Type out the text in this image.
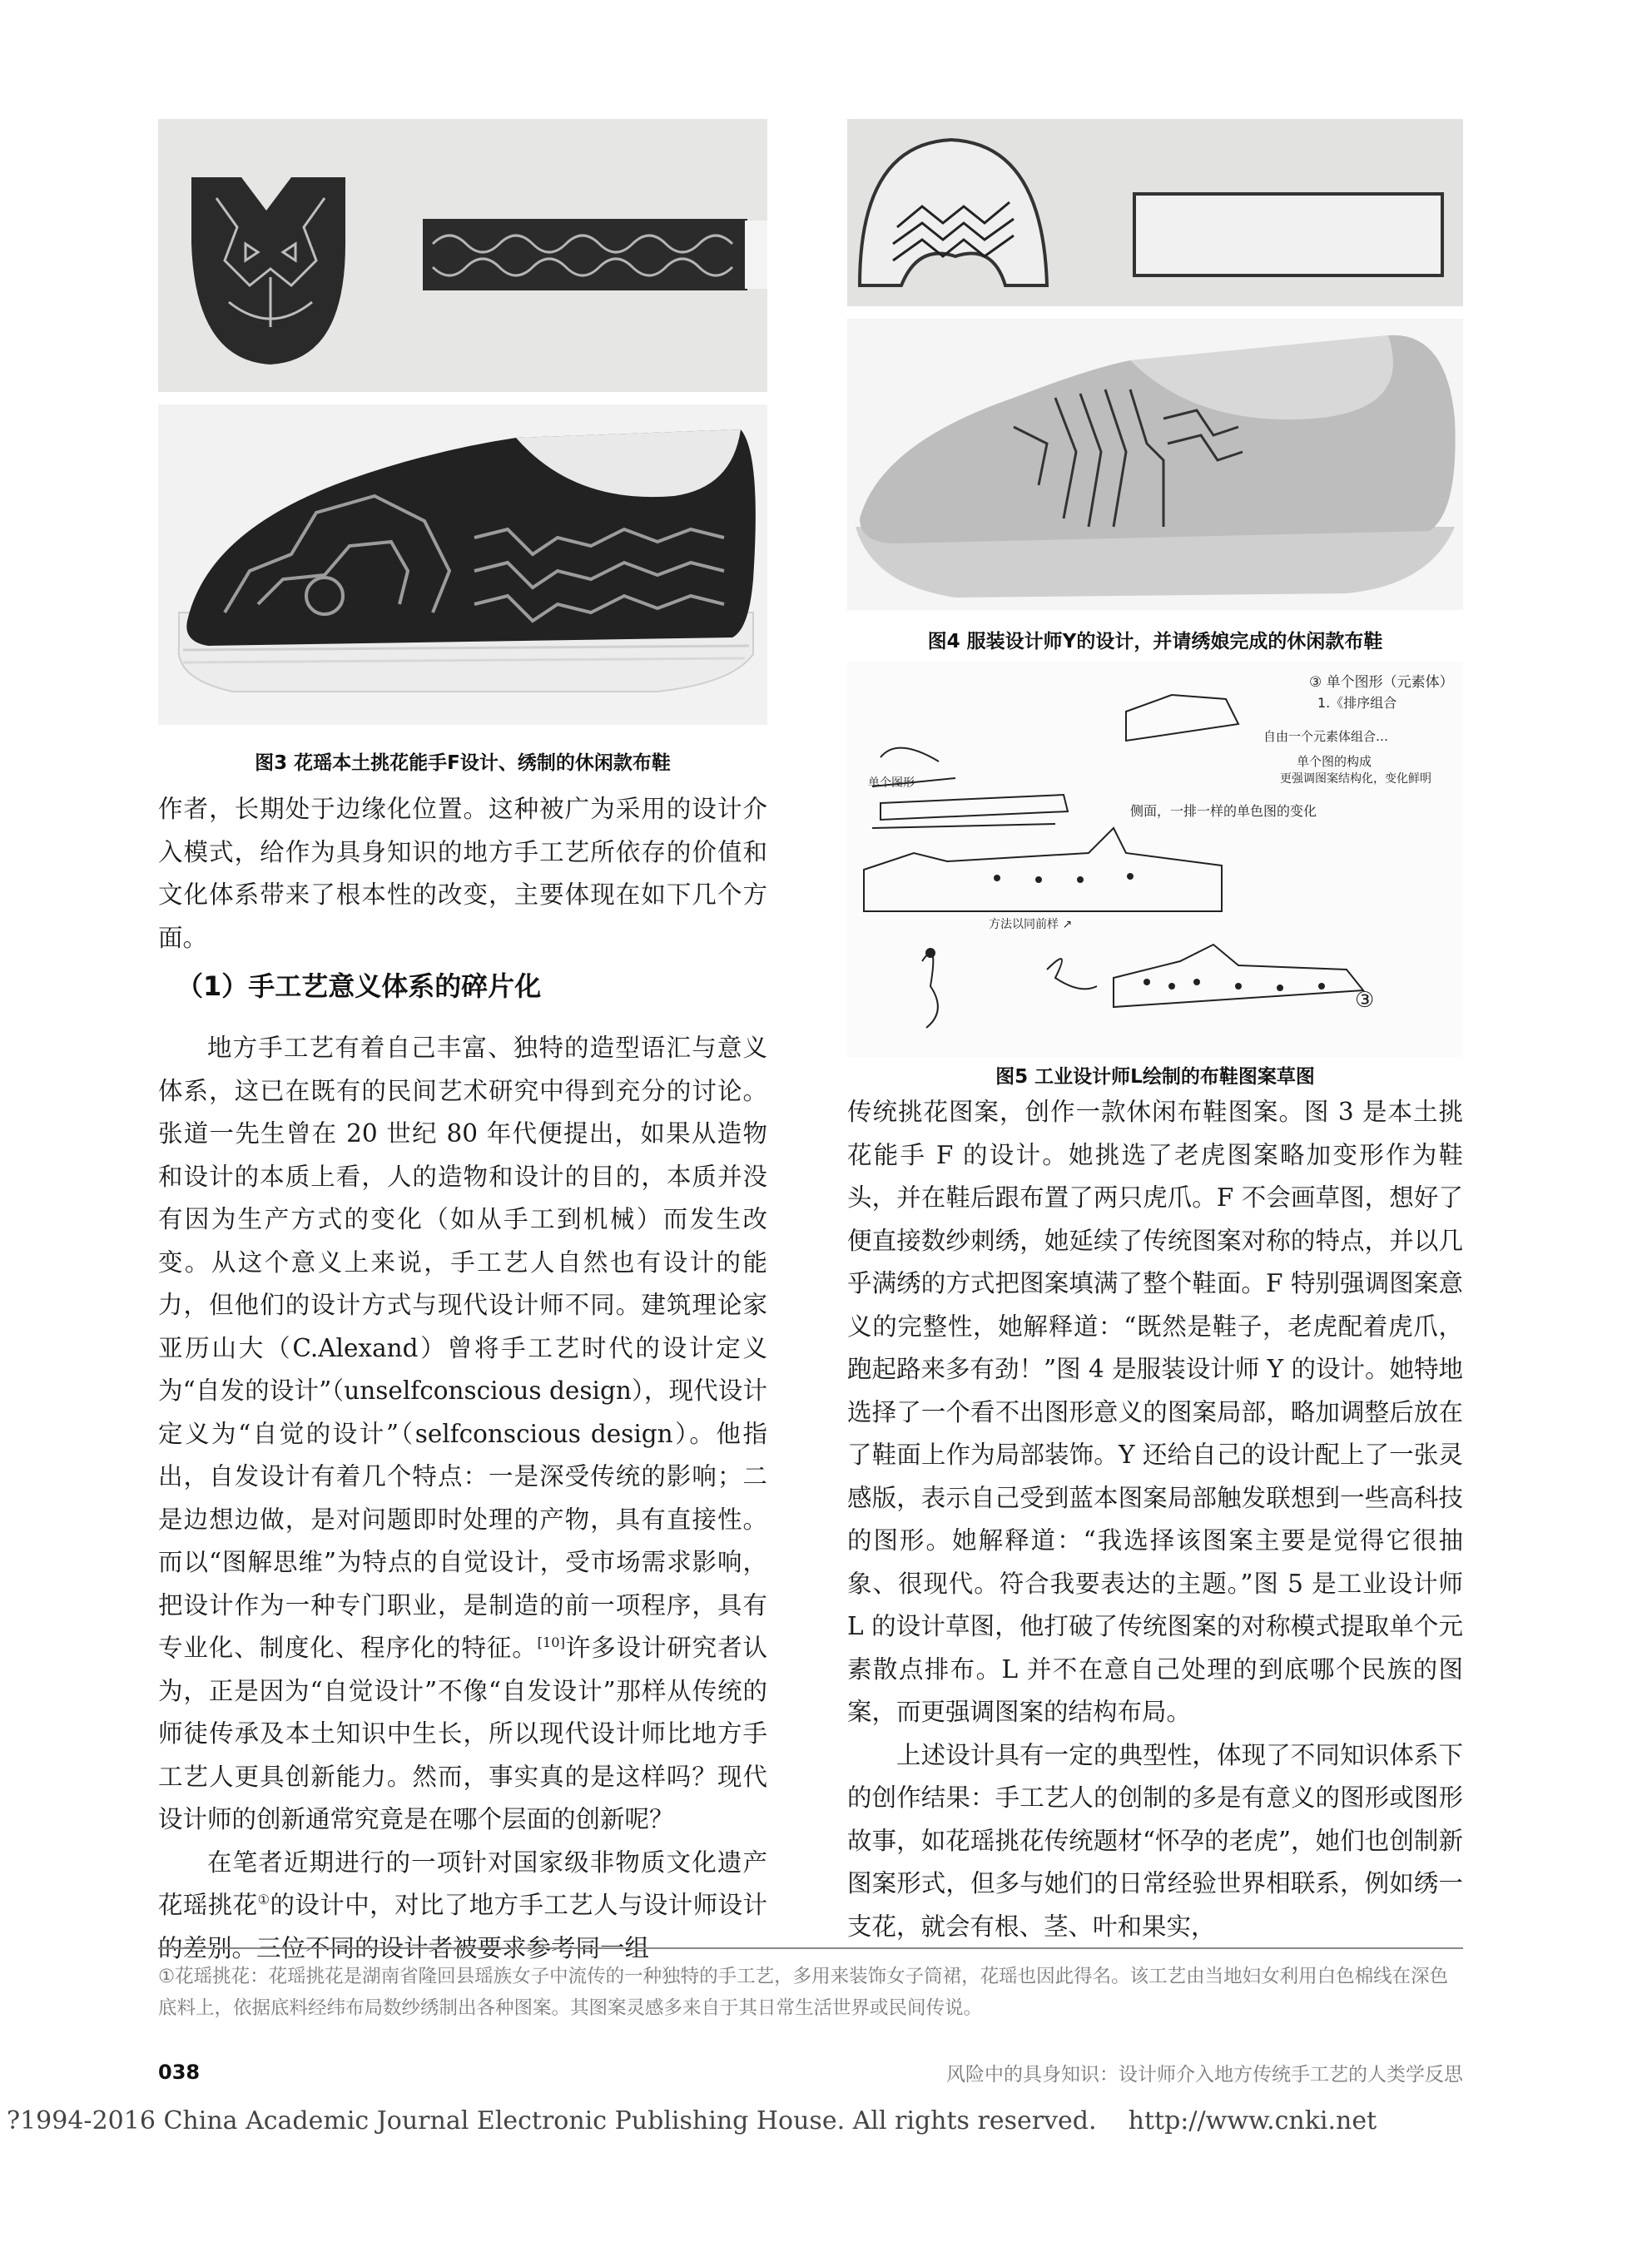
图3 花瑶本土挑花能手F设计、绣制的休闲款布鞋
图4 服装设计师Y的设计，并请绣娘完成的休闲款布鞋
③
③ 单个图形（元素体）
1.《排序组合
自由一个元素体组合…
单个图的构成
更强调图案结构化，变化鲜明
侧面，一排一样的单色图的变化
单个图形
方法以同前样 ↗
图5 工业设计师L绘制的布鞋图案草图

作者，长期处于边缘化位置。这种被广为采用的设计介入模式，给作为具身知识的地方手工艺所依存的价值和文化体系带来了根本性的改变，主要体现在如下几个方面。

（1）手工艺意义体系的碎片化

地方手工艺有着自己丰富、独特的造型语汇与意义体系，这已在既有的民间艺术研究中得到充分的讨论。张道一先生曾在 20 世纪 80 年代便提出，如果从造物和设计的本质上看，人的造物和设计的目的，本质并没有因为生产方式的变化（如从手工到机械）而发生改变。从这个意义上来说，手工艺人自然也有设计的能力，但他们的设计方式与现代设计师不同。建筑理论家亚历山大（C.Alexand）曾将手工艺时代的设计定义为“自发的设计”（unselfconscious design），现代设计定义为“自觉的设计”（selfconscious design）。他指出，自发设计有着几个特点：一是深受传统的影响；二是边想边做，是对问题即时处理的产物，具有直接性。而以“图解思维”为特点的自觉设计，受市场需求影响，把设计作为一种专门职业，是制造的前一项程序，具有专业化、制度化、程序化的特征。[10]许多设计研究者认为，正是因为“自觉设计”不像“自发设计”那样从传统的师徒传承及本土知识中生长，所以现代设计师比地方手工艺人更具创新能力。然而，事实真的是这样吗？现代设计师的创新通常究竟是在哪个层面的创新呢？

在笔者近期进行的一项针对国家级非物质文化遗产花瑶挑花①的设计中，对比了地方手工艺人与设计师设计的差别。三位不同的设计者被要求参考同一组

传统挑花图案，创作一款休闲布鞋图案。图 3 是本土挑花能手 F 的设计。她挑选了老虎图案略加变形作为鞋头，并在鞋后跟布置了两只虎爪。F 不会画草图，想好了便直接数纱刺绣，她延续了传统图案对称的特点，并以几乎满绣的方式把图案填满了整个鞋面。F 特别强调图案意义的完整性，她解释道：“既然是鞋子，老虎配着虎爪，跑起路来多有劲！”图 4 是服装设计师 Y 的设计。她特地选择了一个看不出图形意义的图案局部，略加调整后放在了鞋面上作为局部装饰。Y 还给自己的设计配上了一张灵感版，表示自己受到蓝本图案局部触发联想到一些高科技的图形。她解释道：“我选择该图案主要是觉得它很抽象、很现代。符合我要表达的主题。”图 5 是工业设计师 L 的设计草图，他打破了传统图案的对称模式提取单个元素散点排布。L 并不在意自己处理的到底哪个民族的图案，而更强调图案的结构布局。

上述设计具有一定的典型性，体现了不同知识体系下的创作结果：手工艺人的创制的多是有意义的图形或图形故事，如花瑶挑花传统题材“怀孕的老虎”，她们也创制新图案形式，但多与她们的日常经验世界相联系，例如绣一支花，就会有根、茎、叶和果实，

①花瑶挑花：花瑶挑花是湖南省隆回县瑶族女子中流传的一种独特的手工艺，多用来装饰女子筒裙，花瑶也因此得名。该工艺由当地妇女利用白色棉线在深色底料上，依据底料经纬布局数纱绣制出各种图案。其图案灵感多来自于其日常生活世界或民间传说。
038	风险中的具身知识：设计师介入地方传统手工艺的人类学反思
?1994-2016 China Academic Journal Electronic Publishing House. All rights reserved.    http://www.cnki.net
